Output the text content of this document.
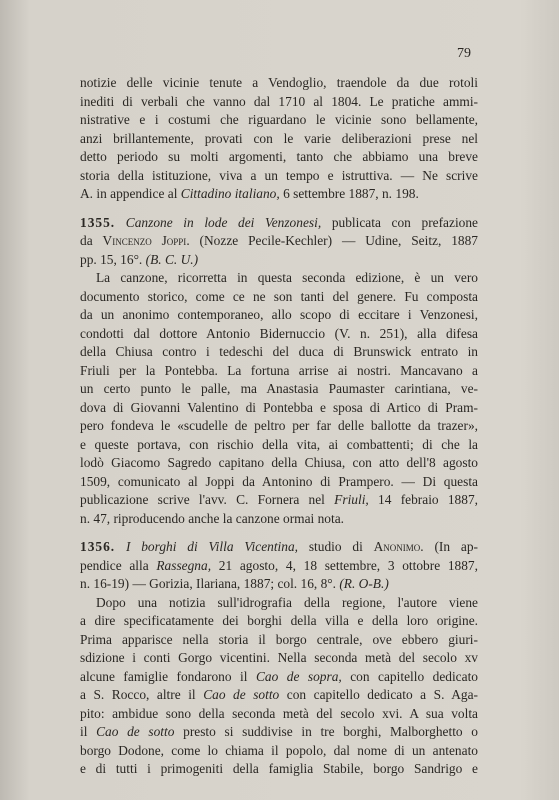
79
notizie delle vicinie tenute a Vendoglio, traendole da due rotoli
inediti di verbali che vanno dal 1710 al 1804. Le pratiche ammi-
nistrative e i costumi che riguardano le vicinie sono bellamente,
anzi brillantemente, provati con le varie deliberazioni prese nel
detto periodo su molti argomenti, tanto che abbiamo una breve
storia della istituzione, viva a un tempo e istruttiva. — Ne scrive
A. in appendice al Cittadino italiano, 6 settembre 1887, n. 198.
1355. Canzone in lode dei Venzonesi, publicata con prefazione
da Vincenzo Joppi. (Nozze Pecile-Kechler) — Udine, Seitz, 1887
pp. 15, 16°. (B. C. U.)
La canzone, ricorretta in questa seconda edizione, è un vero
documento storico, come ce ne son tanti del genere. Fu composta
da un anonimo contemporaneo, allo scopo di eccitare i Venzonesi,
condotti dal dottore Antonio Bidernuccio (V. n. 251), alla difesa
della Chiusa contro i tedeschi del duca di Brunswick entrato in
Friuli per la Pontebba. La fortuna arrise ai nostri. Mancavano a
un certo punto le palle, ma Anastasia Paumaster carintiana, ve-
dova di Giovanni Valentino di Pontebba e sposa di Artico di Pram-
pero fondeva le «scudelle de peltro per far delle ballotte da trazer»,
e queste portava, con rischio della vita, ai combattenti; di che la
lodò Giacomo Sagredo capitano della Chiusa, con atto dell'8 agosto
1509, comunicato al Joppi da Antonino di Prampero. — Di questa
publicazione scrive l'avv. C. Fornera nel Friuli, 14 febraio 1887,
n. 47, riproducendo anche la canzone ormai nota.
1356. I borghi di Villa Vicentina, studio di Anonimo. (In ap-
pendice alla Rassegna, 21 agosto, 4, 18 settembre, 3 ottobre 1887,
n. 16-19) — Gorizia, Ilariana, 1887; col. 16, 8°. (R. O-B.)
Dopo una notizia sull'idrografia della regione, l'autore viene
a dire specificatamente dei borghi della villa e della loro origine.
Prima apparisce nella storia il borgo centrale, ove ebbero giuri-
sdizione i conti Gorgo vicentini. Nella seconda metà del secolo xv
alcune famiglie fondarono il Cao de sopra, con capitello dedicato
a S. Rocco, altre il Cao de sotto con capitello dedicato a S. Aga-
pito: ambidue sono della seconda metà del secolo xvi. A sua volta
il Cao de sotto presto si suddivise in tre borghi, Malborghetto o
borgo Dodone, come lo chiama il popolo, dal nome di un antenato
e di tutti i primogeniti della famiglia Stabile, borgo Sandrigo e
